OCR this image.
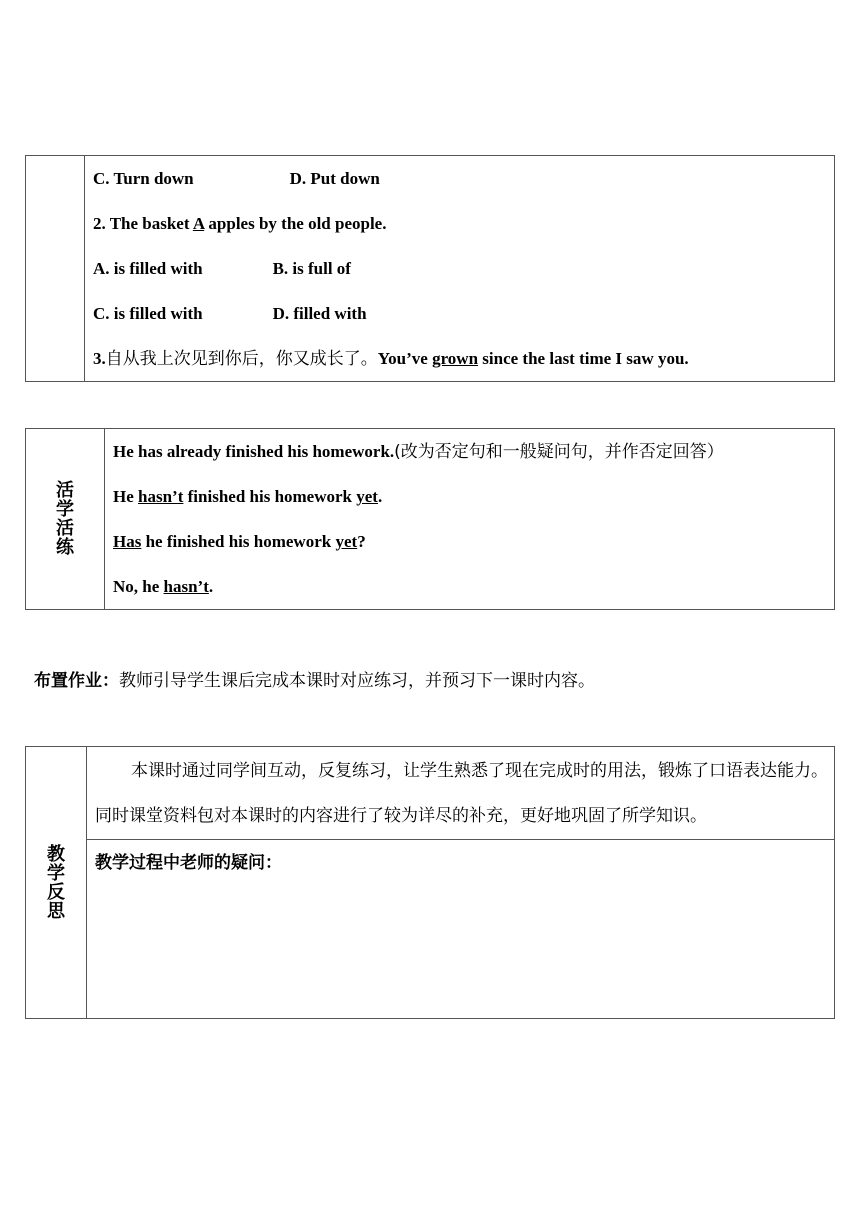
C. Turn down	D. Put down
2. The basket A apples by the old people.
A. is filled with	B. is full of
C. is filled with	D. filled with
3.自从我上次见到你后，你又成长了。You’ve grown since the last time I saw you.
活
学
活
练

He has already finished his homework.(改为否定句和一般疑问句，并作否定回答）
He hasn’t finished his homework yet.
Has he finished his homework yet?
No, he hasn’t.
布置作业：教师引导学生课后完成本课时对应练习，并预习下一课时内容。
教
学
反
思

本课时通过同学间互动，反复练习，让学生熟悉了现在完成时的用法，锻炼了口语表达能力。同时课堂资料包对本课时的内容进行了较为详尽的补充，更好地巩固了所学知识。

教学过程中老师的疑问：
